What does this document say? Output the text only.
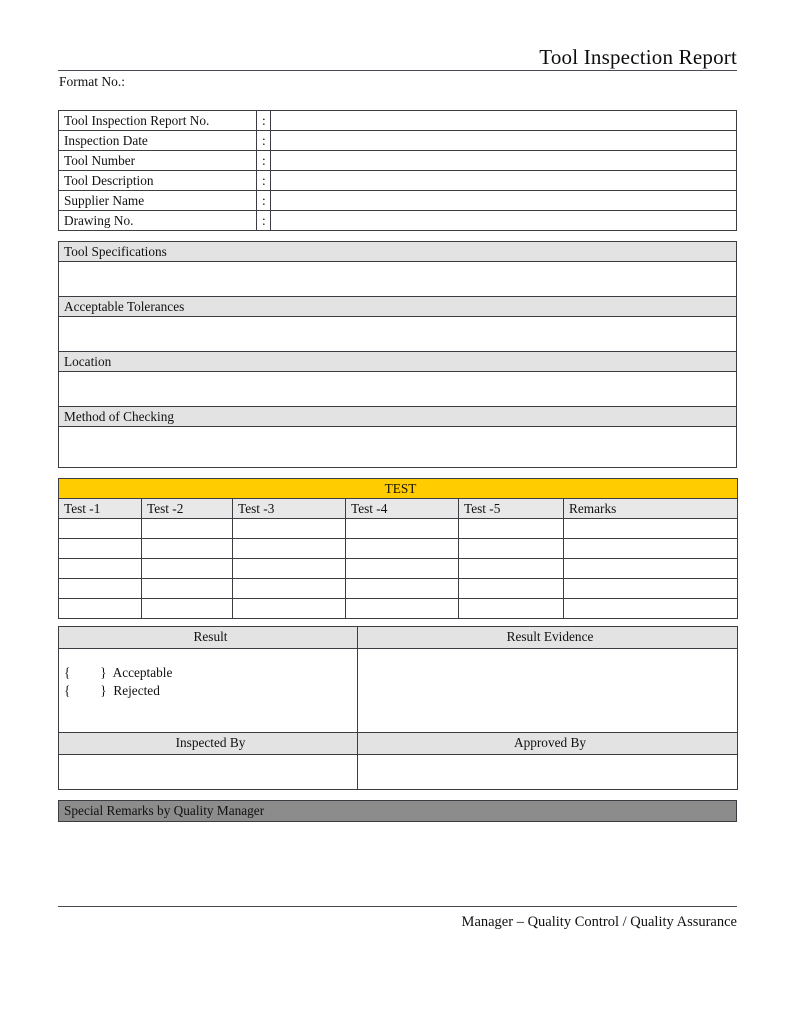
Tool Inspection Report
Format No.:
Tool Inspection Report No.	:	
Inspection Date	:	
Tool Number	:	
Tool Description	:	
Supplier Name	:	
Drawing No.	:	
Tool Specifications

Acceptable Tolerances

Location

Method of Checking

TEST					
Test -1	Test -2	Test -3	Test -4	Test -5	Remarks

Result	Result Evidence

{         }  Acceptable
{         }  Rejected	

Inspected By	Approved By

Special Remarks by Quality Manager

Manager – Quality Control / Quality Assurance
